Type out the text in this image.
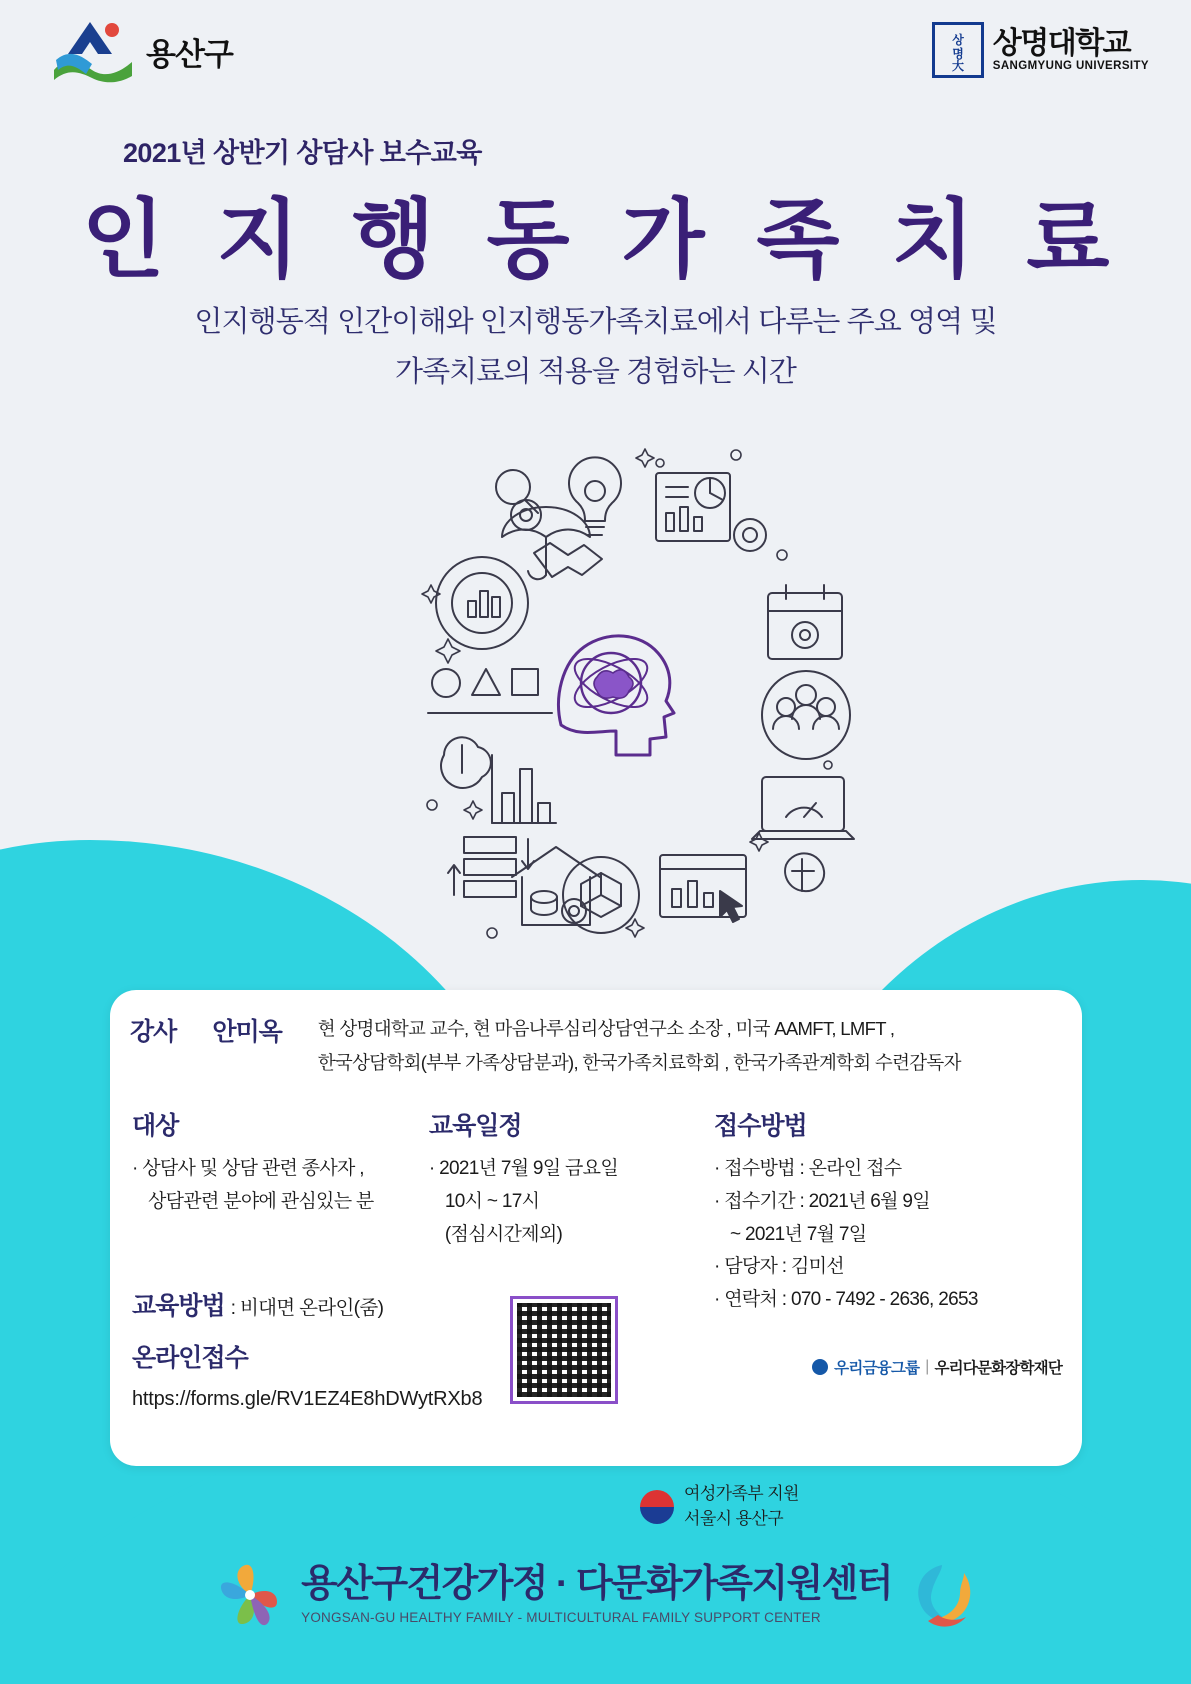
용산구	상
명
大
상명대학교
SANGMYUNG UNIVERSITY
2021년 상반기 상담사 보수교육
인 지 행 동 가 족 치 료
인지행동적 인간이해와 인지행동가족치료에서 다루는 주요 영역 및
가족치료의 적용을 경험하는 시간
강사 안미옥 현 상명대학교 교수, 현 마음나루심리상담연구소 소장 , 미국 AAMFT, LMFT ,
한국상담학회(부부 가족상담분과), 한국가족치료학회 , 한국가족관계학회 수련감독자
대상
· 상담사 및 상담 관련 종사자 ,
상담관련 분야에 관심있는 분
교육일정
· 2021년 7월 9일 금요일
10시 ~ 17시
(점심시간제외)
접수방법
· 접수방법 : 온라인 접수
· 접수기간 : 2021년 6월 9일
~ 2021년 7월 7일
· 담당자 : 김미선
· 연락처 : 070 - 7492 - 2636, 2653
교육방법 : 비대면 온라인(줌)
온라인접수
https://forms.gle/RV1EZ4E8hDWytRXb8
우리금융그룹 | 우리다문화장학재단
여성가족부 지원
서울시 용산구
용산구건강가정 · 다문화가족지원센터
YONGSAN-GU HEALTHY FAMILY - MULTICULTURAL FAMILY SUPPORT CENTER
